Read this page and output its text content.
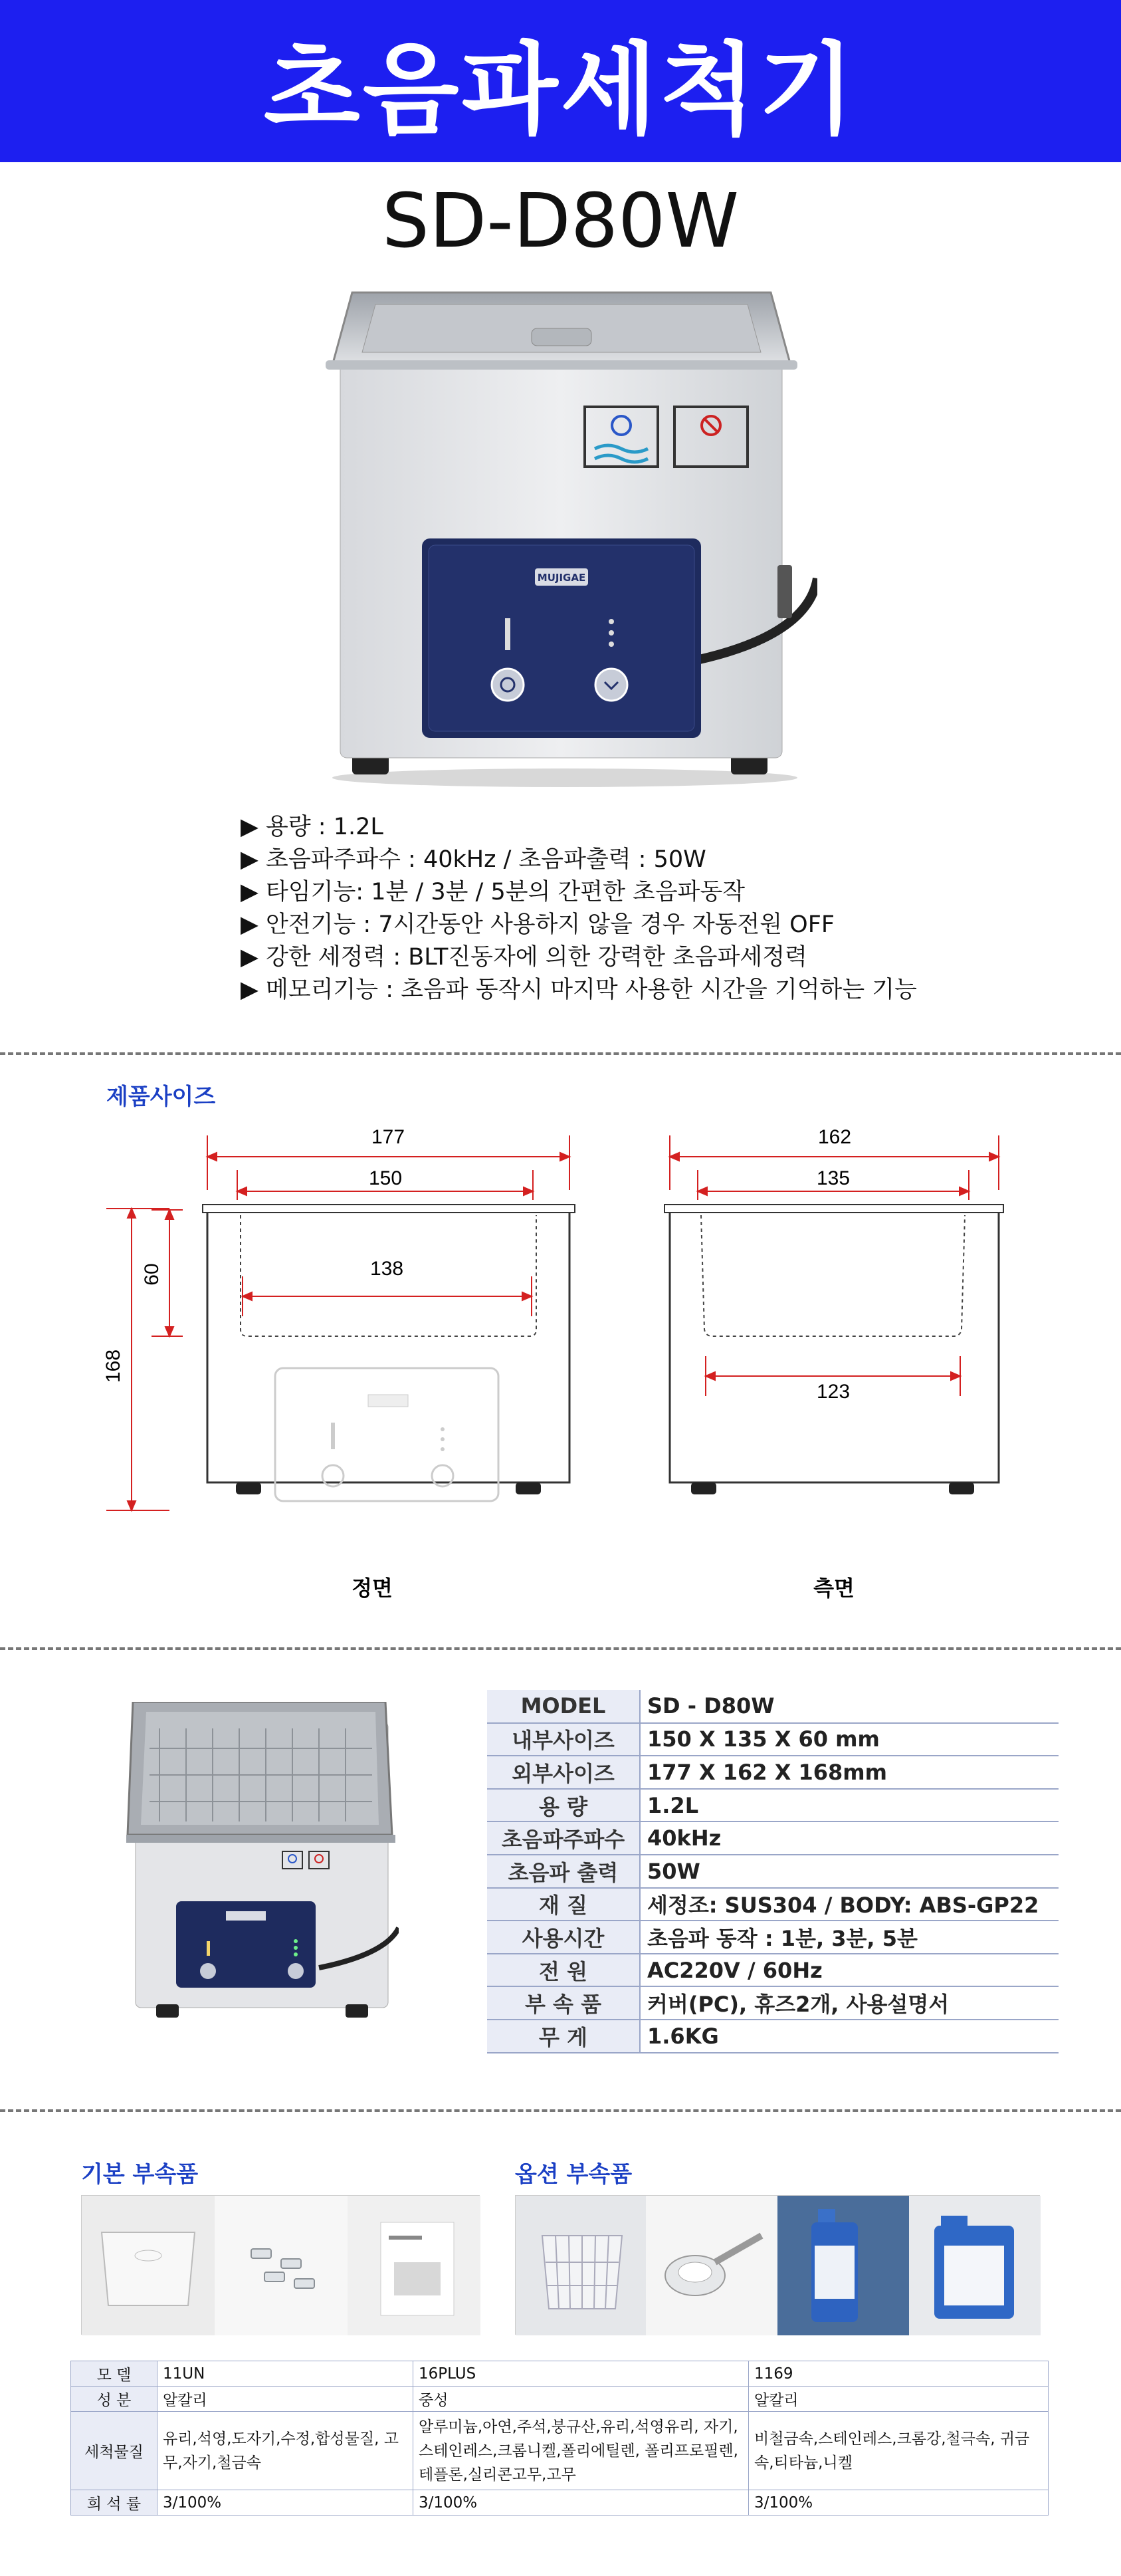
초음파세척기
SD-D80W
MUJIGAE
▶ 용량 : 1.2L
▶ 초음파주파수 : 40kHz / 초음파출력 : 50W
▶ 타임기능: 1분 / 3분 / 5분의 간편한 초음파동작
▶ 안전기능 : 7시간동안 사용하지 않을 경우 자동전원 OFF
▶ 강한 세정력 : BLT진동자에 의한 강력한 초음파세정력
▶ 메모리기능 : 초음파 동작시 마지막 사용한 시간을 기억하는 기능
제품사이즈
177
150
138
60
168
정면
162
135
123
측면
MODEL	SD - D80W
내부사이즈	150 X 135 X 60 mm
외부사이즈	177 X 162 X 168mm
용 량	1.2L
초음파주파수	40kHz
초음파 출력	50W
재 질	세정조: SUS304 / BODY: ABS-GP22
사용시간	초음파 동작 : 1분, 3분, 5분
전 원	AC220V / 60Hz
부 속 품	커버(PC), 휴즈2개, 사용설명서
무 게	1.6KG
기본 부속품	옵션 부속품
모 델	11UN	16PLUS	1169
성 분	알칼리	중성	알칼리
세척물질	유리,석영,도자기,수정,합성물질, 고무,자기,철금속	알루미늄,아연,주석,붕규산,유리,석영유리, 자기,스테인레스,크롬니켈,폴리에틸렌, 폴리프로필렌, 테플론,실리콘고무,고무	비철금속,스테인레스,크롬강,철극속, 귀금속,티타늄,니켈
희 석 률	3/100%	3/100%	3/100%
